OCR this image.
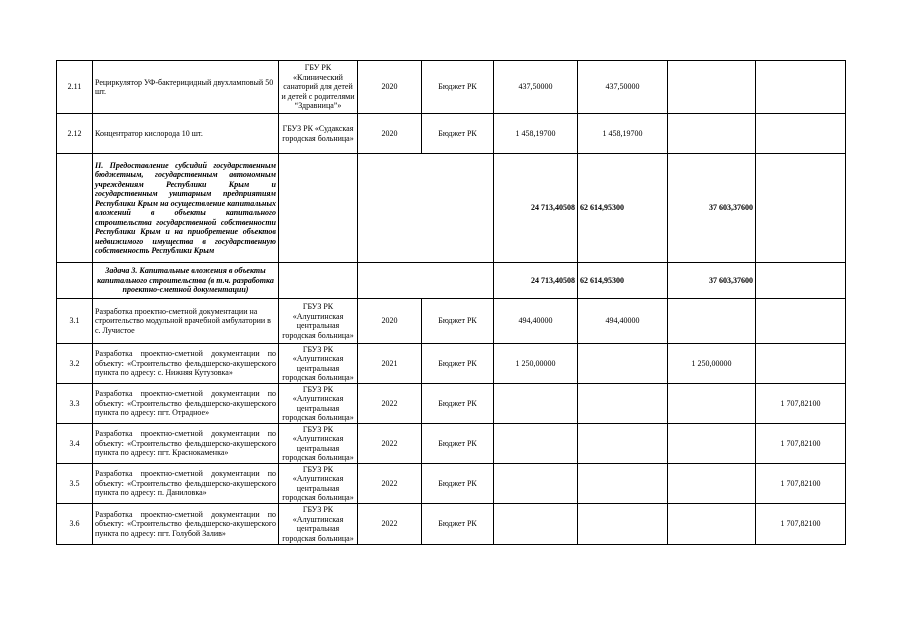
2.11	Рециркулятор УФ-бактерицидный двухламповый 50 шт.	ГБУ РК «Клинический санаторий для детей и детей с родителями “Здравница”»	2020	Бюджет РК	437,50000	437,50000		
2.12	Концентратор кислорода 10 шт.	ГБУЗ РК «Судакская городская больница»	2020	Бюджет РК	1 458,19700	1 458,19700		
	II. Предоставление субсидий государственным бюджетным, государственным автономным учреждениям Республики Крым и государственным унитарным предприятиям Республики Крым на осуществление капитальных вложений в объекты капитального строительства государственной собственности Республики Крым и на приобретение объектов недвижимого имущества в государственную собственность Республики Крым				24 713,40508	62 614,95300	37 603,37600	
	Задача 3. Капитальные вложения в объекты капитального строительства (в т.ч. разработка проектно-сметной документации)				24 713,40508	62 614,95300	37 603,37600	
3.1	Разработка проектно-сметной документации на строительство модульной врачебной амбулатории в с. Лучистое	ГБУЗ РК «Алуштинская центральная городская больница»	2020	Бюджет РК	494,40000	494,40000		
3.2	Разработка проектно-сметной документации по объекту: «Строительство фельдшерско-акушерского пункта по адресу: с. Нижняя Кутузовка»	ГБУЗ РК «Алуштинская центральная городская больница»	2021	Бюджет РК	1 250,00000		1 250,00000	
3.3	Разработка проектно-сметной документации по объекту: «Строительство фельдшерско-акушерского пункта по адресу: пгт. Отрадное»	ГБУЗ РК «Алуштинская центральная городская больница»	2022	Бюджет РК				1 707,82100
3.4	Разработка проектно-сметной документации по объекту: «Строительство фельдшерско-акушерского пункта по адресу: пгт. Краснокаменка»	ГБУЗ РК «Алуштинская центральная городская больница»	2022	Бюджет РК				1 707,82100
3.5	Разработка проектно-сметной документации по объекту: «Строительство фельдшерско-акушерского пункта по адресу: п. Даниловка»	ГБУЗ РК «Алуштинская центральная городская больница»	2022	Бюджет РК				1 707,82100
3.6	Разработка проектно-сметной документации по объекту: «Строительство фельдшерско-акушерского пункта по адресу: пгт. Голубой Залив»	ГБУЗ РК «Алуштинская центральная городская больница»	2022	Бюджет РК				1 707,82100
